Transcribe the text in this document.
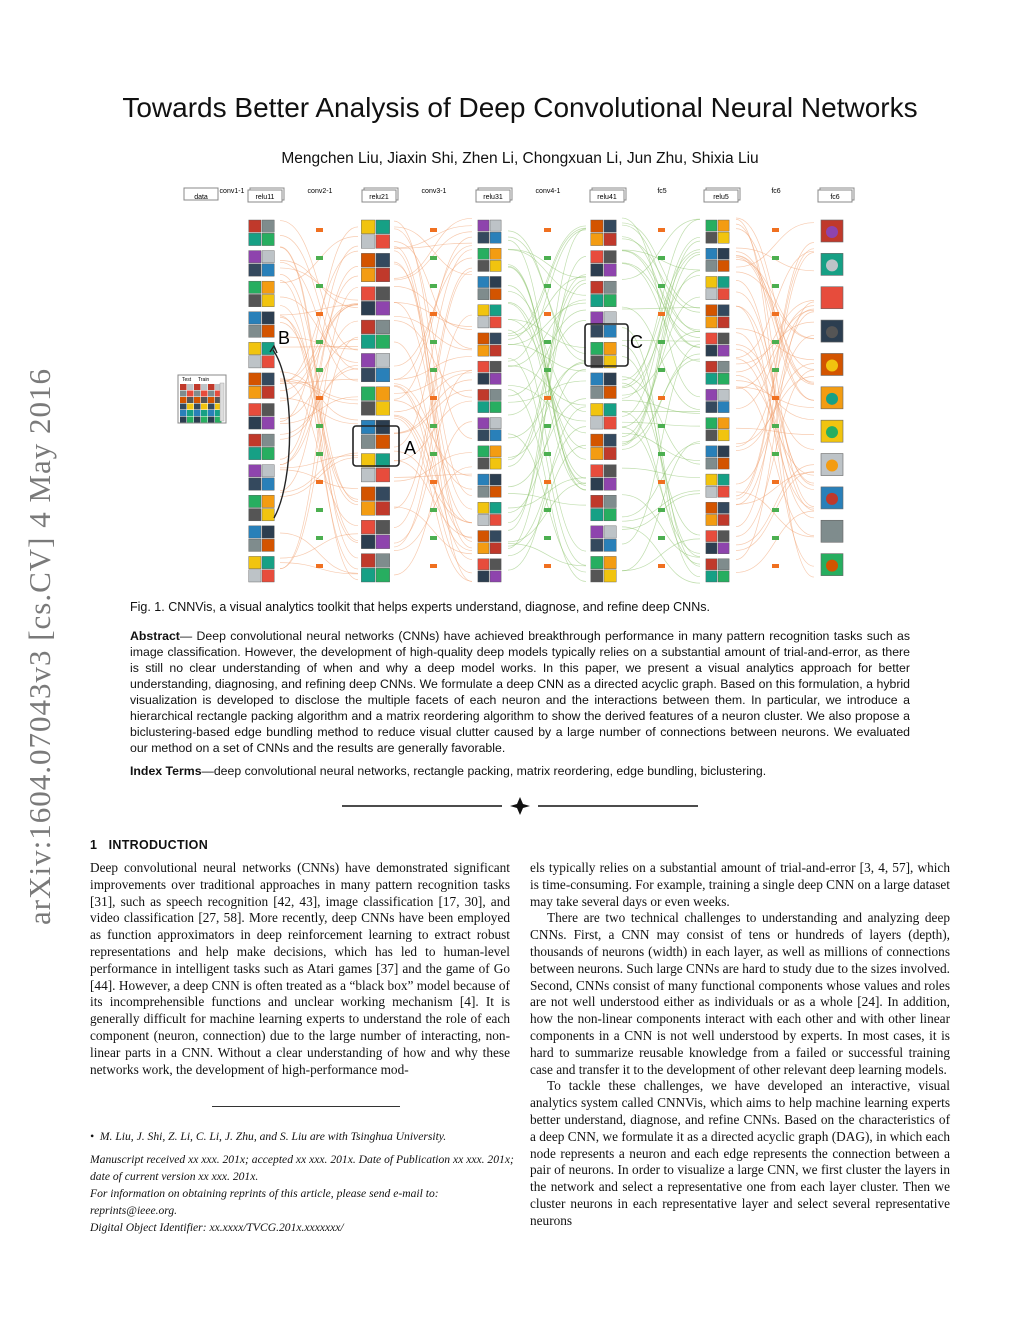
arXiv:1604.07043v3 [cs.CV] 4 May 2016
Towards Better Analysis of Deep Convolutional Neural Networks
Mengchen Liu, Jiaxin Shi, Zhen Li, Chongxuan Li, Jun Zhu, Shixia Liu
data	relu11	relu21	relu31	relu41	relu5	fc6
conv1-1	conv2-1	conv3-1	conv4-1	fc5	fc6
Test Train
A
B	C
Fig. 1. CNNVis, a visual analytics toolkit that helps experts understand, diagnose, and refine deep CNNs.
Abstract— Deep convolutional neural networks (CNNs) have achieved breakthrough performance in many pattern recognition tasks such as image classification. However, the development of high-quality deep models typically relies on a substantial amount of trial-and-error, as there is still no clear understanding of when and why a deep model works. In this paper, we present a visual analytics approach for better understanding, diagnosing, and refining deep CNNs. We formulate a deep CNN as a directed acyclic graph. Based on this formulation, a hybrid visualization is developed to disclose the multiple facets of each neuron and the interactions between them. In particular, we introduce a hierarchical rectangle packing algorithm and a matrix reordering algorithm to show the derived features of a neuron cluster. We also propose a biclustering-based edge bundling method to reduce visual clutter caused by a large number of connections between neurons. We evaluated our method on a set of CNNs and the results are generally favorable.
Index Terms—deep convolutional neural networks, rectangle packing, matrix reordering, edge bundling, biclustering.
1 INTRODUCTION

Deep convolutional neural networks (CNNs) have demonstrated significant improvements over traditional approaches in many pattern recognition tasks [31], such as speech recognition [42, 43], image classification [17, 30], and video classification [27, 58]. More recently, deep CNNs have been employed as function approximators in deep reinforcement learning to extract robust representations and help make decisions, which has led to human-level performance in intelligent tasks such as Atari games [37] and the game of Go [44]. However, a deep CNN is often treated as a “black box” model because of its incomprehensible functions and unclear working mechanism [4]. It is generally difficult for machine learning experts to understand the role of each component (neuron, connection) due to the large number of interacting, non-linear parts in a CNN. Without a clear understanding of how and why these networks work, the development of high-performance mod-

•  M. Liu, J. Shi, Z. Li, C. Li, J. Zhu, and S. Liu are with Tsinghua University.
Manuscript received xx xxx. 201x; accepted xx xxx. 201x. Date of Publication xx xxx. 201x; date of current version xx xxx. 201x.
For information on obtaining reprints of this article, please send e-mail to: reprints@ieee.org.
Digital Object Identifier: xx.xxxx/TVCG.201x.xxxxxxx/

els typically relies on a substantial amount of trial-and-error [3, 4, 57], which is time-consuming. For example, training a single deep CNN on a large dataset may take several days or even weeks.

There are two technical challenges to understanding and analyzing deep CNNs. First, a CNN may consist of tens or hundreds of layers (depth), thousands of neurons (width) in each layer, as well as millions of connections between neurons. Such large CNNs are hard to study due to the sizes involved. Second, CNNs consist of many functional components whose values and roles are not well understood either as individuals or as a whole [24]. In addition, how the non-linear components interact with each other and with other linear components in a CNN is not well understood by experts. In most cases, it is hard to summarize reusable knowledge from a failed or successful training case and transfer it to the development of other relevant deep learning models.

To tackle these challenges, we have developed an interactive, visual analytics system called CNNVis, which aims to help machine learning experts better understand, diagnose, and refine CNNs. Based on the characteristics of a deep CNN, we formulate it as a directed acyclic graph (DAG), in which each node represents a neuron and each edge represents the connection between a pair of neurons. In order to visualize a large CNN, we first cluster the layers in the network and select a representative one from each layer cluster. Then we cluster neurons in each representative layer and select several representative neurons
